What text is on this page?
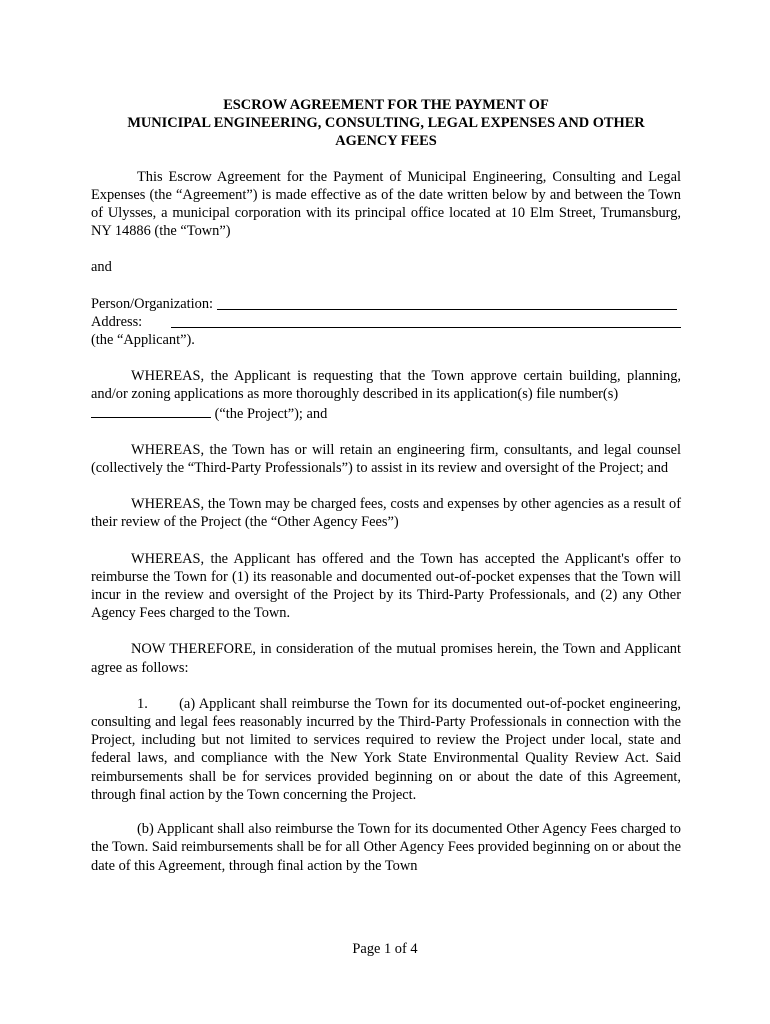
ESCROW AGREEMENT FOR THE PAYMENT OF
MUNICIPAL ENGINEERING, CONSULTING, LEGAL EXPENSES AND OTHER
AGENCY FEES

This Escrow Agreement for the Payment of Municipal Engineering, Consulting and Legal Expenses (the “Agreement”) is made effective as of the date written below by and between the Town of Ulysses, a municipal corporation with its principal office located at 10 Elm Street, Trumansburg, NY 14886 (the “Town”)

and

Person/Organization:
Address:
(the “Applicant”).

WHEREAS, the Applicant is requesting that the Town approve certain building, planning, and/or zoning applications as more thoroughly described in its application(s) file number(s)
(“the Project”); and

WHEREAS, the Town has or will retain an engineering firm, consultants, and legal counsel (collectively the “Third-Party Professionals”) to assist in its review and oversight of the Project; and

WHEREAS, the Town may be charged fees, costs and expenses by other agencies as a result of their review of the Project (the “Other Agency Fees”)

WHEREAS, the Applicant has offered and the Town has accepted the Applicant's offer to reimburse the Town for (1) its reasonable and documented out-of-pocket expenses that the Town will incur in the review and oversight of the Project by its Third-Party Professionals, and (2) any Other Agency Fees charged to the Town.

NOW THEREFORE, in consideration of the mutual promises herein, the Town and Applicant agree as follows:

1.       (a) Applicant shall reimburse the Town for its documented out-of-pocket engineering, consulting and legal fees reasonably incurred by the Third-Party Professionals in connection with the Project, including but not limited to services required to review the Project under local, state and federal laws, and compliance with the New York State Environmental Quality Review Act. Said reimbursements shall be for services provided beginning on or about the date of this Agreement, through final action by the Town concerning the Project.

(b) Applicant shall also reimburse the Town for its documented Other Agency Fees charged to the Town. Said reimbursements shall be for all Other Agency Fees provided beginning on or about the date of this Agreement, through final action by the Town

Page 1 of 4
